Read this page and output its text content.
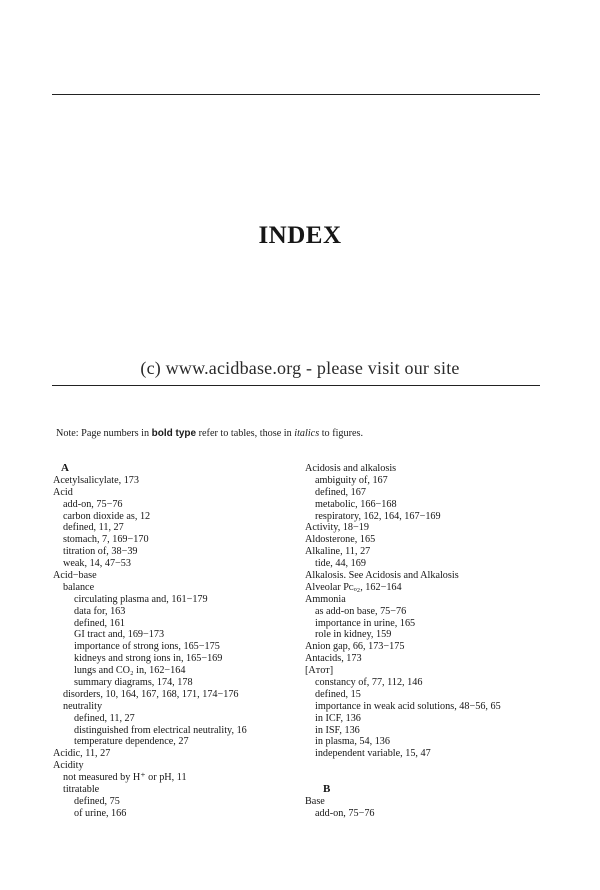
INDEX
(c) www.acidbase.org - please visit our site
Note: Page numbers in bold type refer to tables, those in italics to figures.
A
Acetylsalicylate, 173
Acid
add-on, 75−76
carbon dioxide as, 12
defined, 11, 27
stomach, 7, 169−170
titration of, 38−39
weak, 14, 47−53
Acid−base
balance
circulating plasma and, 161−179
data for, 163
defined, 161
GI tract and, 169−173
importance of strong ions, 165−175
kidneys and strong ions in, 165−169
lungs and CO₂ in, 162−164
summary diagrams, 174, 178
disorders, 10, 164, 167, 168, 171, 174−176
neutrality
defined, 11, 27
distinguished from electrical neutrality, 16
temperature dependence, 27
Acidic, 11, 27
Acidity
not measured by H⁺ or pH, 11
titratable
defined, 75
of urine, 166
Acidosis and alkalosis
ambiguity of, 167
defined, 167
metabolic, 166−168
respiratory, 162, 164, 167−169
Activity, 18−19
Aldosterone, 165
Alkaline, 11, 27
tide, 44, 169
Alkalosis. See Acidosis and Alkalosis
Alveolar Pᴄₒ₂, 162−164
Ammonia
as add-on base, 75−76
importance in urine, 165
role in kidney, 159
Anion gap, 66, 173−175
Antacids, 173
[Aᴛᴏᴛ]
constancy of, 77, 112, 146
defined, 15
importance in weak acid solutions, 48−56, 65
in ICF, 136
in ISF, 136
in plasma, 54, 136
independent variable, 15, 47
B
Base
add-on, 75−76
